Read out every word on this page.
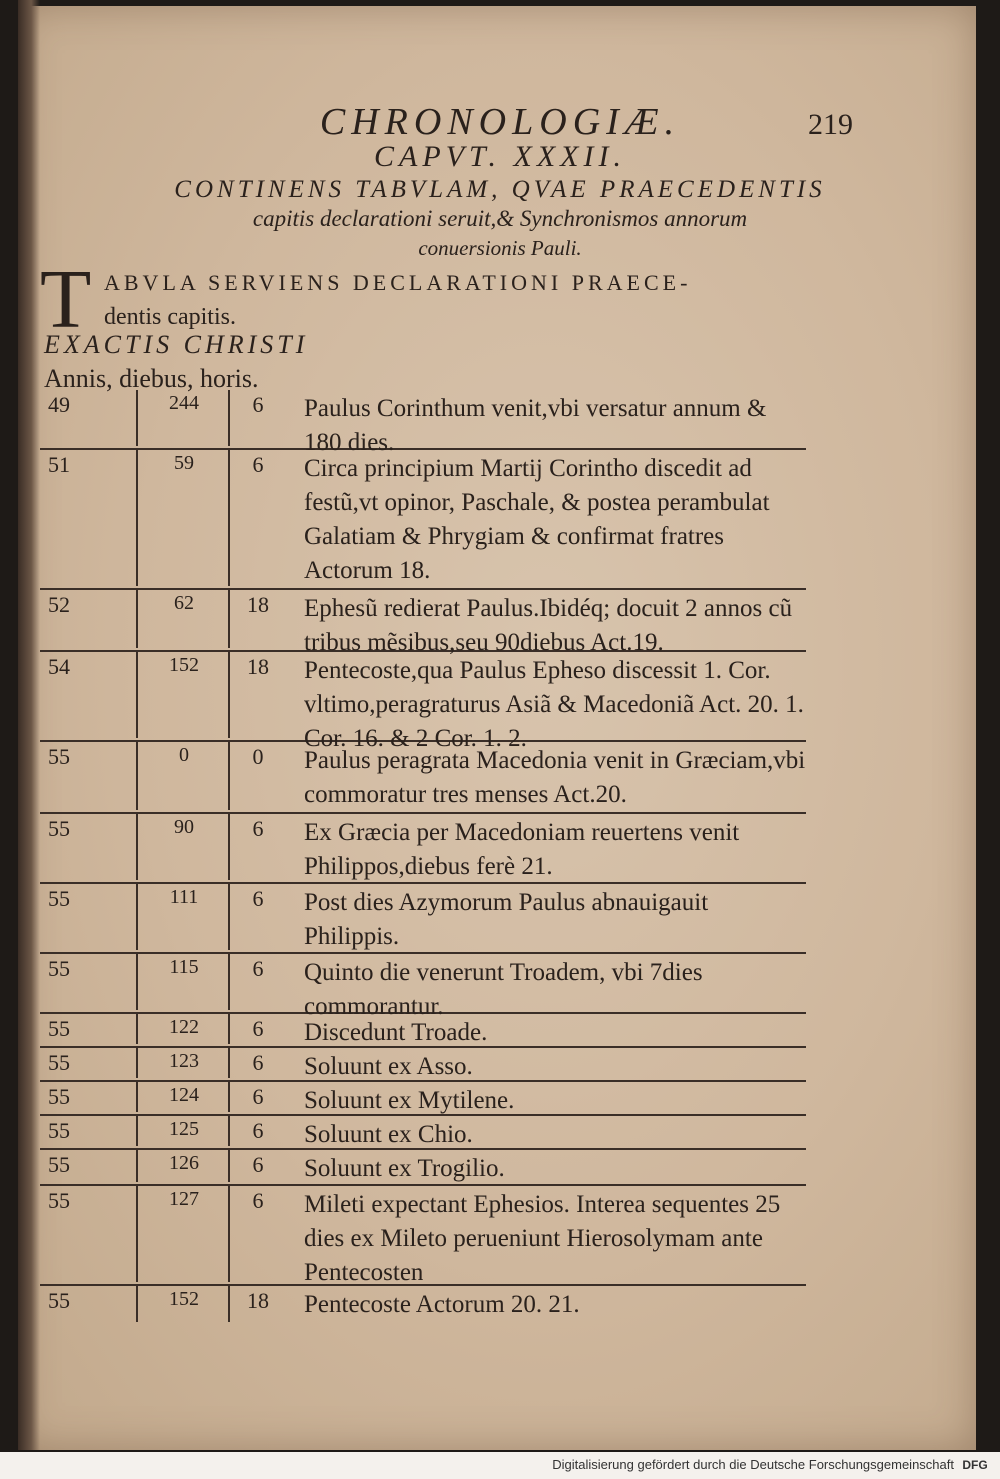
CHRONOLOGIÆ.	219
CAPVT. XXXII.
CONTINENS TABVLAM, QVAE PRAECEDENTIS
capitis declarationi seruit,& Synchronismos annorum
conuersionis Pauli.
T ABVLA SERVIENS DECLARATIONI PRAECE-
dentis capitis.
EXACTIS CHRISTI
Annis, diebus, horis.
49	244	6	Paulus Corinthum venit,vbi versatur annum & 180 dies.
51	59	6	Circa principium Martij Corintho discedit ad festũ,vt opinor, Paschale, & postea perambulat Galatiam & Phrygiam & confirmat fratres Actorum 18.
52	62	18	Ephesũ redierat Paulus.Ibidéq; docuit 2 annos cũ tribus mẽsibus,seu 90diebus Act.19.
54	152	18	Pentecoste,qua Paulus Epheso discessit 1. Cor. vltimo,peragraturus Asiã & Macedoniã Act. 20. 1. Cor. 16. & 2 Cor. 1. 2.
55	0	0	Paulus peragrata Macedonia venit in Græciam,vbi commoratur tres menses Act.20.
55	90	6	Ex Græcia per Macedoniam reuertens venit Philippos,diebus ferè 21.
55	111	6	Post dies Azymorum Paulus abnauigauit Philippis.
55	115	6	Quinto die venerunt Troadem, vbi 7dies commorantur.
55	122	6	Discedunt Troade.
55	123	6	Soluunt ex Asso.
55	124	6	Soluunt ex Mytilene.
55	125	6	Soluunt ex Chio.
55	126	6	Soluunt ex Trogilio.
55	127	6	Mileti expectant Ephesios. Interea sequentes 25 dies ex Mileto perueniunt Hierosolymam ante Pentecosten
55	152	18	Pentecoste Actorum 20. 21.
Digitalisierung gefördert durch die Deutsche Forschungsgemeinschaft DFG
